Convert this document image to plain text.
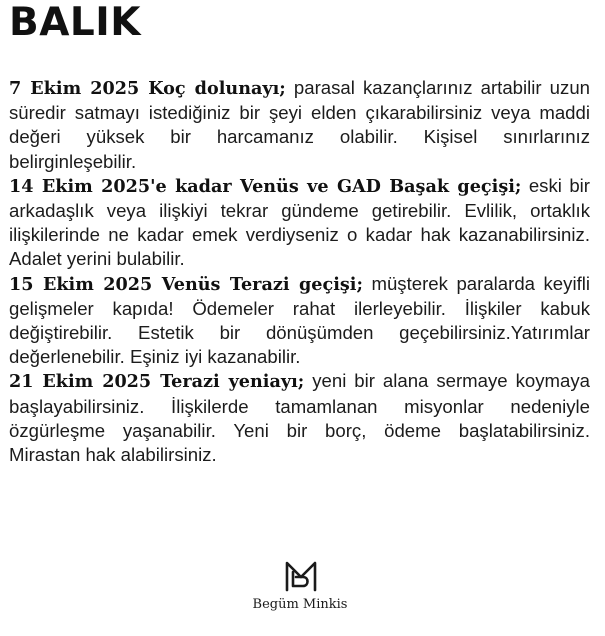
BALIK

7 Ekim 2025 Koç dolunayı; parasal kazançlarınız artabilir uzun süredir satmayı istediğiniz bir şeyi elden çıkarabilirsiniz veya maddi değeri yüksek bir harcamanız olabilir. Kişisel sınırlarınız belirginleşebilir.

14 Ekim 2025'e kadar Venüs ve GAD Başak geçişi; eski bir arkadaşlık veya ilişkiyi tekrar gündeme getirebilir. Evlilik, ortaklık ilişkilerinde ne kadar emek verdiyseniz o kadar hak kazanabilirsiniz. Adalet yerini bulabilir.

15 Ekim 2025 Venüs Terazi geçişi; müşterek paralarda keyifli gelişmeler kapıda! Ödemeler rahat ilerleyebilir. İlişkiler kabuk değiştirebilir. Estetik bir dönüşümden geçebilirsiniz.Yatırımlar değerlenebilir. Eşiniz iyi kazanabilir.

21 Ekim 2025 Terazi yeniayı; yeni bir alana sermaye koymaya başlayabilirsiniz. İlişkilerde tamamlanan misyonlar nedeniyle özgürleşme yaşanabilir. Yeni bir borç, ödeme başlatabilirsiniz. Mirastan hak alabilirsiniz.

Begüm Minkis
